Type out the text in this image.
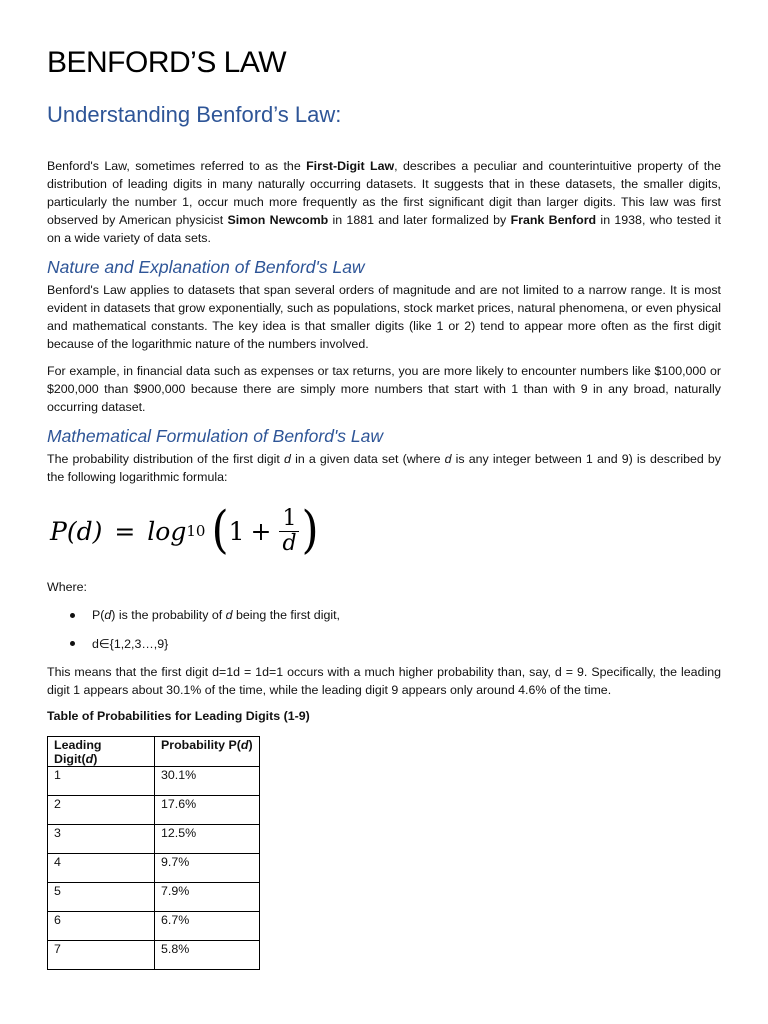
BENFORD’S LAW
Understanding Benford’s Law:

Benford's Law, sometimes referred to as the First-Digit Law, describes a peculiar and counterintuitive property of the distribution of leading digits in many naturally occurring datasets. It suggests that in these datasets, the smaller digits, particularly the number 1, occur much more frequently as the first significant digit than larger digits. This law was first observed by American physicist Simon Newcomb in 1881 and later formalized by Frank Benford in 1938, who tested it on a wide variety of data sets.

Nature and Explanation of Benford's Law

Benford's Law applies to datasets that span several orders of magnitude and are not limited to a narrow range. It is most evident in datasets that grow exponentially, such as populations, stock market prices, natural phenomena, or even physical and mathematical constants. The key idea is that smaller digits (like 1 or 2) tend to appear more often as the first digit because of the logarithmic nature of the numbers involved.

For example, in financial data such as expenses or tax returns, you are more likely to encounter numbers like $100,000 or $200,000 than $900,000 because there are simply more numbers that start with 1 than with 9 in any broad, naturally occurring dataset.

Mathematical Formulation of Benford's Law

The probability distribution of the first digit d in a given data set (where d is any integer between 1 and 9) is described by the following logarithmic formula:

P(d) = log 10 ( $1 + \frac{1}{d}$ )

Where:

P(d) is the probability of d being the first digit,
d∈{1,2,3…,9}

This means that the first digit d=1d = 1d=1 occurs with a much higher probability than, say, d = 9. Specifically, the leading digit 1 appears about 30.1% of the time, while the leading digit 9 appears only around 4.6% of the time.

Table of Probabilities for Leading Digits (1-9)

Leading Digit(d)	Probability P(d)
1	30.1%
2	17.6%
3	12.5%
4	9.7%
5	7.9%
6	6.7%
7	5.8%
